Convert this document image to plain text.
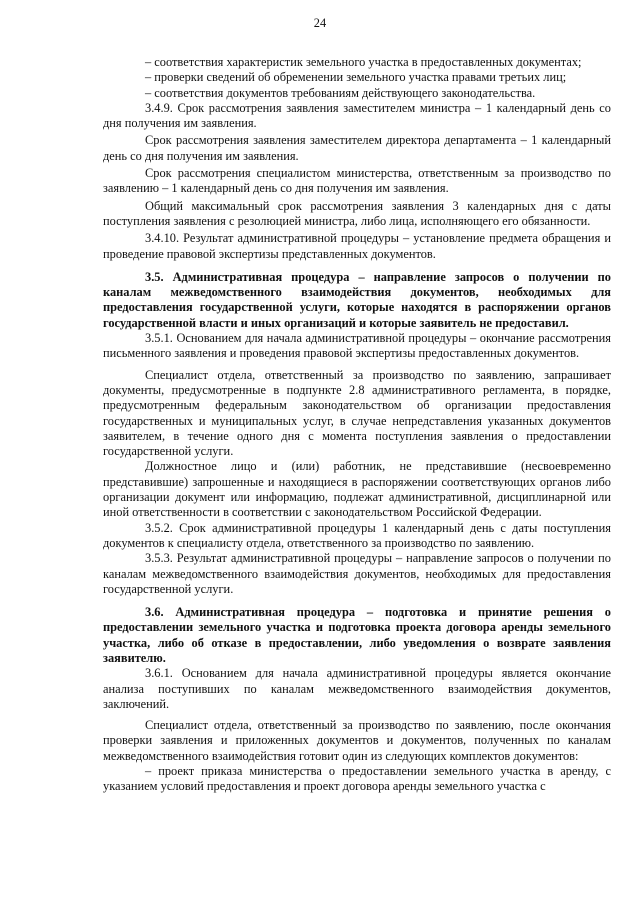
24

– соответствия характеристик земельного участка в предоставленных документах;

– проверки сведений об обременении земельного участка правами третьих лиц;

– соответствия документов требованиям действующего законодательства.

3.4.9. Срок рассмотрения заявления заместителем министра – 1 календарный день со дня получения им заявления.

Срок рассмотрения заявления заместителем директора департамента – 1 календарный день со дня получения им заявления.

Срок рассмотрения специалистом министерства, ответственным за производство по заявлению – 1 календарный день со дня получения им заявления.

Общий максимальный срок рассмотрения заявления 3 календарных дня с даты поступления заявления с резолюцией министра, либо лица, исполняющего его обязанности.

3.4.10. Результат административной процедуры – установление предмета обращения и проведение правовой экспертизы представленных документов.

3.5. Административная процедура – направление запросов о получении по каналам межведомственного взаимодействия документов, необходимых для предоставления государственной услуги, которые находятся в распоряжении органов государственной власти и иных организаций и которые заявитель не предоставил.

3.5.1. Основанием для начала административной процедуры – окончание рассмотрения письменного заявления и проведения правовой экспертизы предоставленных документов.

Специалист отдела, ответственный за производство по заявлению, запрашивает документы, предусмотренные в подпункте 2.8 административного регламента, в порядке, предусмотренным федеральным законодательством об организации предоставления государственных и муниципальных услуг, в случае непредставления указанных документов заявителем, в течение одного дня с момента поступления заявления о предоставлении государственной услуги.

Должностное лицо и (или) работник, не представившие (несвоевременно представившие) запрошенные и находящиеся в распоряжении соответствующих органов либо организации документ или информацию, подлежат административной, дисциплинарной или иной ответственности в соответствии с законодательством Российской Федерации.

3.5.2. Срок административной процедуры 1 календарный день с даты поступления документов к специалисту отдела, ответственного за производство по заявлению.

3.5.3. Результат административной процедуры – направление запросов о получении по каналам межведомственного взаимодействия документов, необходимых для предоставления государственной услуги.

3.6. Административная процедура – подготовка и принятие решения о предоставлении земельного участка и подготовка проекта договора аренды земельного участка, либо об отказе в предоставлении, либо уведомления о возврате заявления заявителю.

3.6.1. Основанием для начала административной процедуры является окончание анализа поступивших по каналам межведомственного взаимодействия документов, заключений.

Специалист отдела, ответственный за производство по заявлению, после окончания проверки заявления и приложенных документов и документов, полученных по каналам межведомственного взаимодействия готовит один из следующих комплектов документов:

– проект приказа министерства о предоставлении земельного участка в аренду, с указанием условий предоставления и проект договора аренды земельного участка с
